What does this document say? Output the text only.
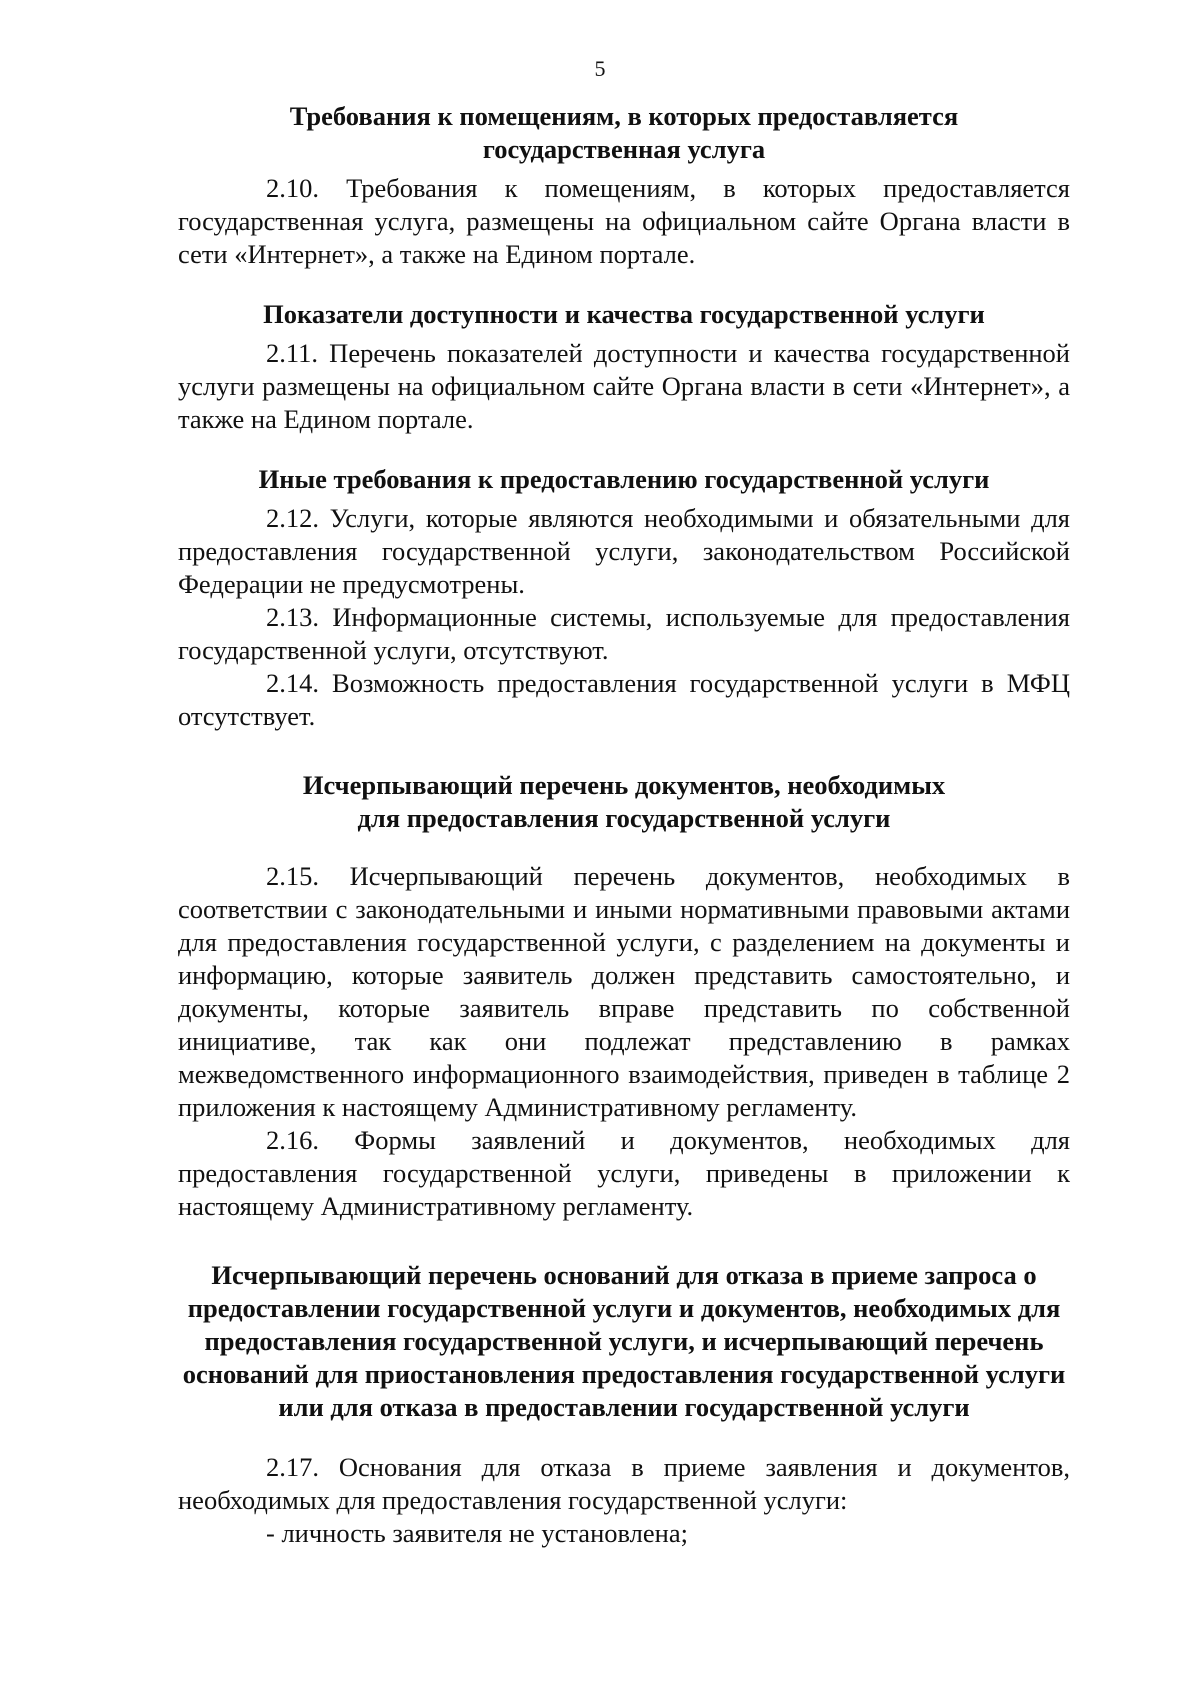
5
Требования к помещениям, в которых предоставляется
государственная услуга

2.10. Требования к помещениям, в которых предоставляется государственная услуга, размещены на официальном сайте Органа власти в сети «Интернет», а также на Едином портале.

Показатели доступности и качества государственной услуги

2.11. Перечень показателей доступности и качества государственной услуги размещены на официальном сайте Органа власти в сети «Интернет», а также на Едином портале.

Иные требования к предоставлению государственной услуги

2.12. Услуги, которые являются необходимыми и обязательными для предоставления государственной услуги, законодательством Российской Федерации не предусмотрены.

2.13. Информационные системы, используемые для предоставления государственной услуги, отсутствуют.

2.14. Возможность предоставления государственной услуги в МФЦ отсутствует.

Исчерпывающий перечень документов, необходимых
для предоставления государственной услуги

2.15. Исчерпывающий перечень документов, необходимых в соответствии с законодательными и иными нормативными правовыми актами для предоставления государственной услуги, с разделением на документы и информацию, которые заявитель должен представить самостоятельно, и документы, которые заявитель вправе представить по собственной инициативе, так как они подлежат представлению в рамках межведомственного информационного взаимодействия, приведен в таблице 2 приложения к настоящему Административному регламенту.

2.16. Формы заявлений и документов, необходимых для предоставления государственной услуги, приведены в приложении к настоящему Административному регламенту.

Исчерпывающий перечень оснований для отказа в приеме запроса о
предоставлении государственной услуги и документов, необходимых для
предоставления государственной услуги, и исчерпывающий перечень
оснований для приостановления предоставления государственной услуги
или для отказа в предоставлении государственной услуги

2.17. Основания для отказа в приеме заявления и документов, необходимых для предоставления государственной услуги:

- личность заявителя не установлена;
